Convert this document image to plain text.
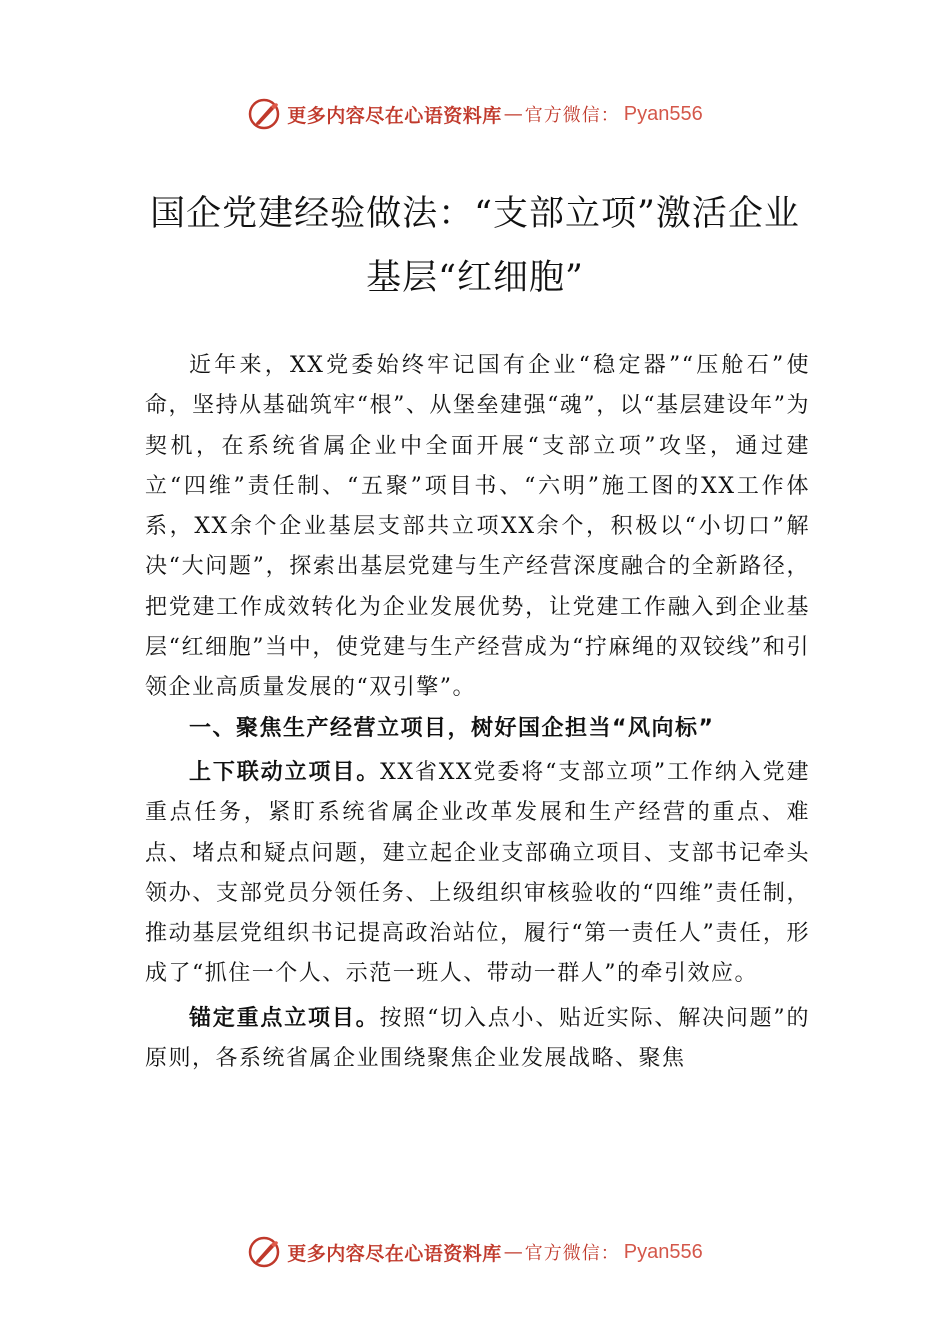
更多内容尽在心语资料库 — 官方微信： Pyan556
国企党建经验做法：“支部立项”激活企业
基层“红细胞”

近年来，XX党委始终牢记国有企业“稳定器”“压舱石”使命，坚持从基础筑牢“根”、从堡垒建强“魂”，以“基层建设年”为契机，在系统省属企业中全面开展“支部立项”攻坚，通过建立“四维”责任制、“五聚”项目书、“六明”施工图的XX工作体系，XX余个企业基层支部共立项XX余个，积极以“小切口”解决“大问题”，探索出基层党建与生产经营深度融合的全新路径，把党建工作成效转化为企业发展优势，让党建工作融入到企业基层“红细胞”当中，使党建与生产经营成为“拧麻绳的双铰线”和引领企业高质量发展的“双引擎”。

一、聚焦生产经营立项目，树好国企担当“风向标”

上下联动立项目。XX省XX党委将“支部立项”工作纳入党建重点任务，紧盯系统省属企业改革发展和生产经营的重点、难点、堵点和疑点问题，建立起企业支部确立项目、支部书记牵头领办、支部党员分领任务、上级组织审核验收的“四维”责任制，推动基层党组织书记提高政治站位，履行“第一责任人”责任，形成了“抓住一个人、示范一班人、带动一群人”的牵引效应。

锚定重点立项目。按照“切入点小、贴近实际、解决问题”的原则，各系统省属企业围绕聚焦企业发展战略、聚焦

更多内容尽在心语资料库 — 官方微信： Pyan556
